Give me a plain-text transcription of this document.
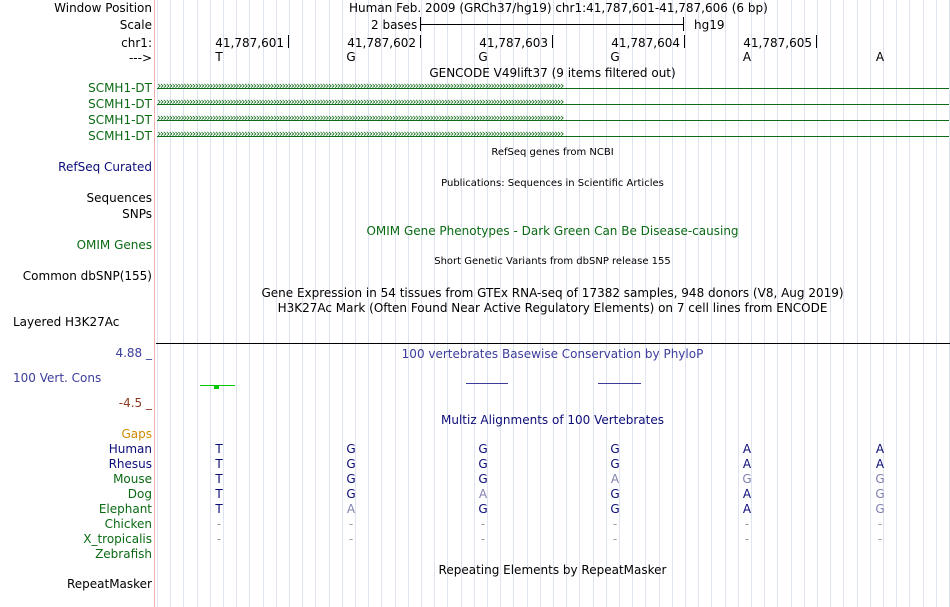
Window Position	Human Feb. 2009 (GRCh37/hg19) chr1:41,787,601-41,787,606 (6 bp)
Scale	2 bases	hg19
chr1:	41,787,601	41,787,602	41,787,603	41,787,604	41,787,605
--->	T	G	G	G	A	A
GENCODE V49lift37 (9 items filtered out)
SCMH1-DT ››››››››››››››››››››››››››››››››››››››››››››››››››››››››››››››››››››››››››››››››››››››››››››››››››››››››››››››››››››››››››››››››››››››››››››
SCMH1-DT ››››››››››››››››››››››››››››››››››››››››››››››››››››››››››››››››››››››››››››››››››››››››››››››››››››››››››››››››››››››››››››››››››››››››››››
SCMH1-DT ››››››››››››››››››››››››››››››››››››››››››››››››››››››››››››››››››››››››››››››››››››››››››››››››››››››››››››››››››››››››››››››››››››››››››››
SCMH1-DT ››››››››››››››››››››››››››››››››››››››››››››››››››››››››››››››››››››››››››››››››››››››››››››››››››››››››››››››››››››››››››››››››››››››››››››
RefSeq Curated
RefSeq genes from NCBI
Publications: Sequences in Scientific Articles
Sequences
SNPs
OMIM Gene Phenotypes - Dark Green Can Be Disease-causing
OMIM Genes
Short Genetic Variants from dbSNP release 155
Common dbSNP(155)
Gene Expression in 54 tissues from GTEx RNA-seq of 17382 samples, 948 donors (V8, Aug 2019)
H3K27Ac Mark (Often Found Near Active Regulatory Elements) on 7 cell lines from ENCODE
Layered H3K27Ac
4.88 _	100 vertebrates Basewise Conservation by PhyloP
100 Vert. Cons
-4.5 _
Multiz Alignments of 100 Vertebrates
Gaps
Human	T	G	G	G	A	A
Rhesus	T	G	G	G	A	A
Mouse	T	G	G	A	G	G
Dog	T	G	A	G	A	G
Elephant	T	A	G	G	A	G
Chicken	-	-	-	-	-	-
X_tropicalis	-	-	-	-	-	-
Zebrafish
Repeating Elements by RepeatMasker
RepeatMasker
